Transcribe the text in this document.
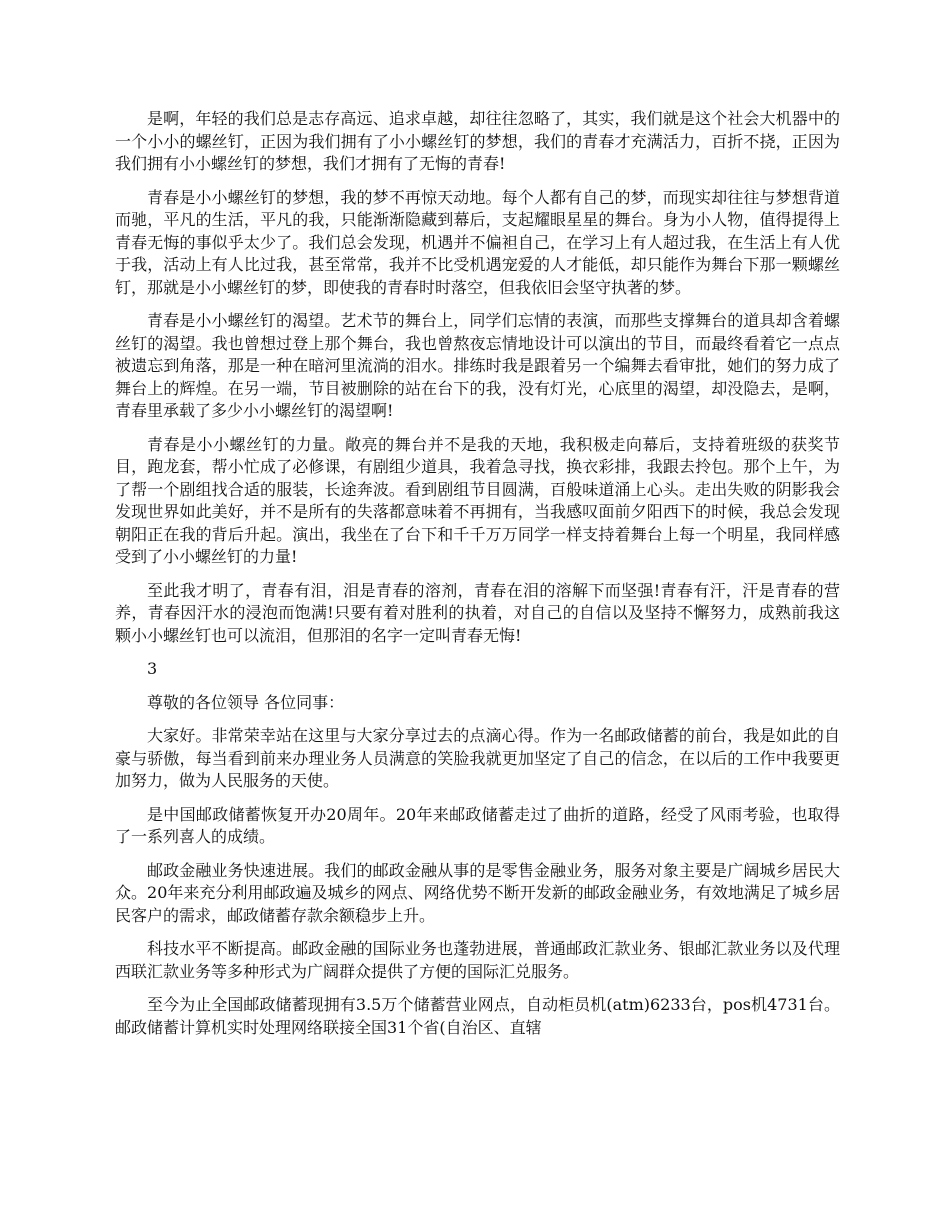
是啊，年轻的我们总是志存高远、追求卓越，却往往忽略了，其实，我们就是这个社会大机器中的一个小小的螺丝钉，正因为我们拥有了小小螺丝钉的梦想，我们的青春才充满活力，百折不挠，正因为我们拥有小小螺丝钉的梦想，我们才拥有了无悔的青春!

青春是小小螺丝钉的梦想，我的梦不再惊天动地。每个人都有自己的梦，而现实却往往与梦想背道而驰，平凡的生活，平凡的我，只能渐渐隐藏到幕后，支起耀眼星星的舞台。身为小人物，值得提得上青春无悔的事似乎太少了。我们总会发现，机遇并不偏袒自己，在学习上有人超过我，在生活上有人优于我，活动上有人比过我，甚至常常，我并不比受机遇宠爱的人才能低，却只能作为舞台下那一颗螺丝钉，那就是小小螺丝钉的梦，即使我的青春时时落空，但我依旧会坚守执著的梦。

青春是小小螺丝钉的渴望。艺术节的舞台上，同学们忘情的表演，而那些支撑舞台的道具却含着螺丝钉的渴望。我也曾想过登上那个舞台，我也曾熬夜忘情地设计可以演出的节目，而最终看着它一点点被遗忘到角落，那是一种在暗河里流淌的泪水。排练时我是跟着另一个编舞去看审批，她们的努力成了舞台上的辉煌。在另一端，节目被删除的站在台下的我，没有灯光，心底里的渴望，却没隐去，是啊，青春里承载了多少小小螺丝钉的渴望啊!

青春是小小螺丝钉的力量。敞亮的舞台并不是我的天地，我积极走向幕后，支持着班级的获奖节目，跑龙套，帮小忙成了必修课，有剧组少道具，我着急寻找，换衣彩排，我跟去拎包。那个上午，为了帮一个剧组找合适的服装，长途奔波。看到剧组节目圆满，百般味道涌上心头。走出失败的阴影我会发现世界如此美好，并不是所有的失落都意味着不再拥有，当我感叹面前夕阳西下的时候，我总会发现朝阳正在我的背后升起。演出，我坐在了台下和千千万万同学一样支持着舞台上每一个明星，我同样感受到了小小螺丝钉的力量!

至此我才明了，青春有泪，泪是青春的溶剂，青春在泪的溶解下而坚强!青春有汗，汗是青春的营养，青春因汗水的浸泡而饱满!只要有着对胜利的执着，对自己的自信以及坚持不懈努力，成熟前我这颗小小螺丝钉也可以流泪，但那泪的名字一定叫青春无悔!

3

尊敬的各位领导 各位同事：

大家好。非常荣幸站在这里与大家分享过去的点滴心得。作为一名邮政储蓄的前台，我是如此的自豪与骄傲，每当看到前来办理业务人员满意的笑脸我就更加坚定了自己的信念，在以后的工作中我要更加努力，做为人民服务的天使。

是中国邮政储蓄恢复开办20周年。20年来邮政储蓄走过了曲折的道路，经受了风雨考验，也取得了一系列喜人的成绩。

邮政金融业务快速进展。我们的邮政金融从事的是零售金融业务，服务对象主要是广阔城乡居民大众。20年来充分利用邮政遍及城乡的网点、网络优势不断开发新的邮政金融业务，有效地满足了城乡居民客户的需求，邮政储蓄存款余额稳步上升。

科技水平不断提高。邮政金融的国际业务也蓬勃进展，普通邮政汇款业务、银邮汇款业务以及代理西联汇款业务等多种形式为广阔群众提供了方便的国际汇兑服务。

至今为止全国邮政储蓄现拥有3.5万个储蓄营业网点，自动柜员机(atm)6233台，pos机4731台。邮政储蓄计算机实时处理网络联接全国31个省(自治区、直辖
